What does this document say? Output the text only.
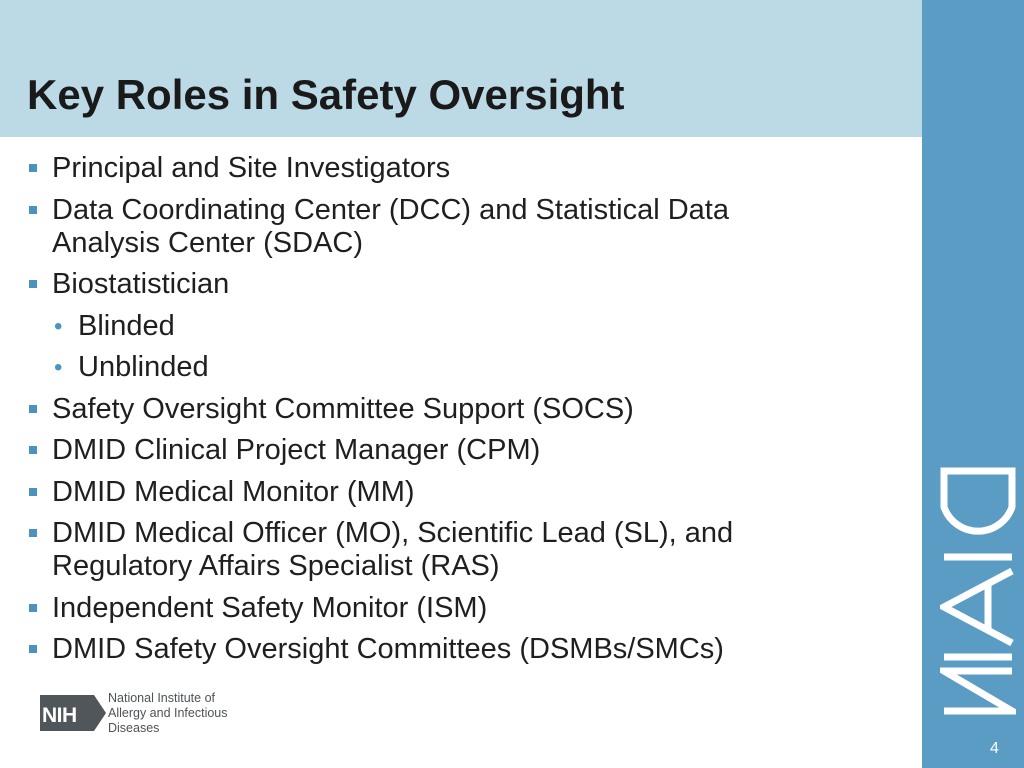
Key Roles in Safety Oversight
4
Principal and Site Investigators
Data Coordinating Center (DCC) and Statistical Data Analysis Center (SDAC)
Biostatistician
• Blinded
• Unblinded
Safety Oversight Committee Support (SOCS)
DMID Clinical Project Manager (CPM)
DMID Medical Monitor (MM)
DMID Medical Officer (MO), Scientific Lead (SL), and Regulatory Affairs Specialist (RAS)
Independent Safety Monitor (ISM)
DMID Safety Oversight Committees (DSMBs/SMCs)
NIH
National Institute of Allergy and Infectious Diseases
